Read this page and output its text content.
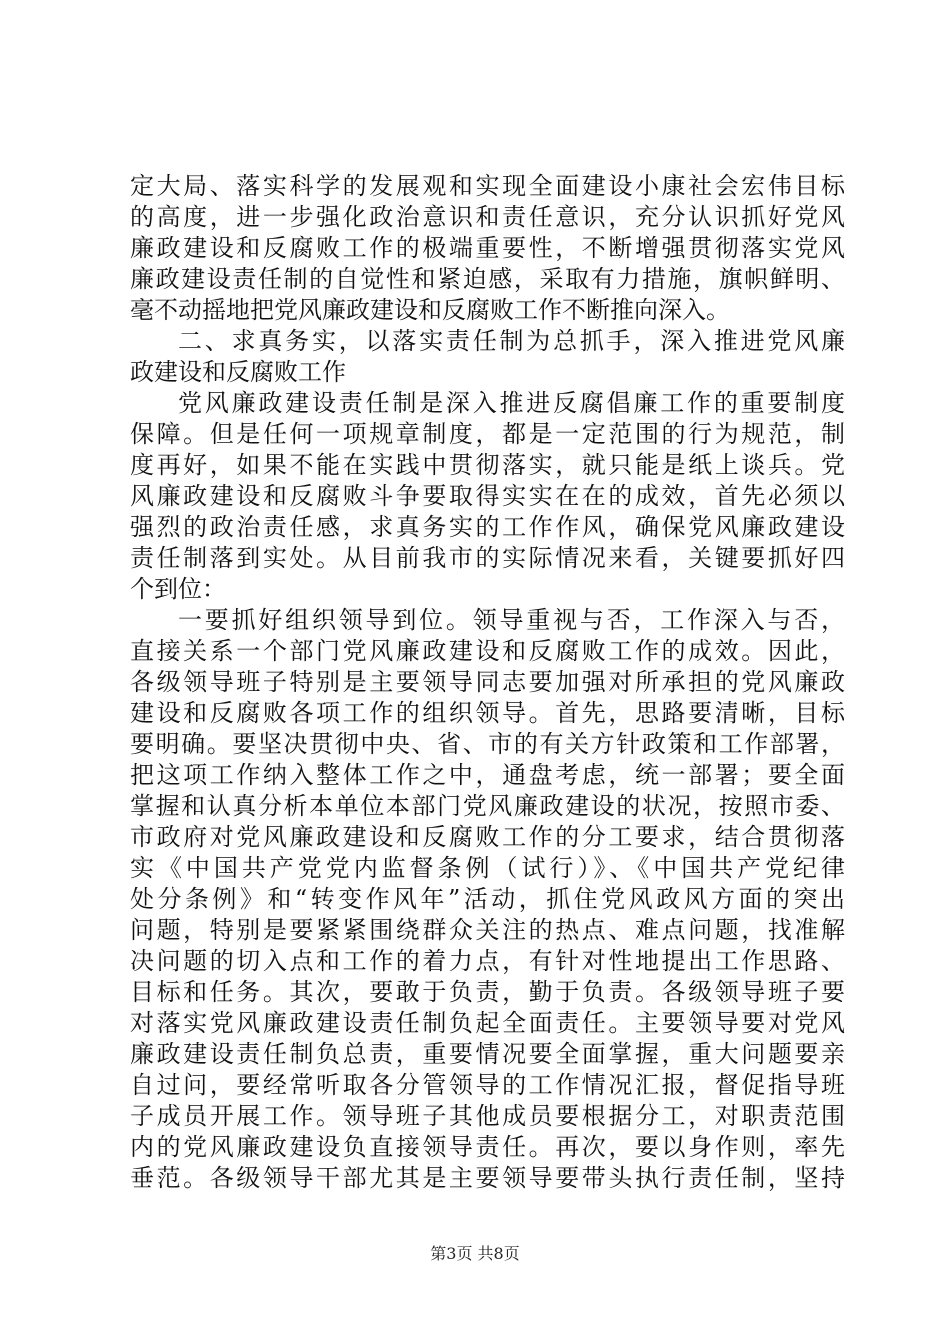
定大局、落实科学的发展观和实现全面建设小康社会宏伟目标
的高度，进一步强化政治意识和责任意识，充分认识抓好党风
廉政建设和反腐败工作的极端重要性，不断增强贯彻落实党风
廉政建设责任制的自觉性和紧迫感，采取有力措施，旗帜鲜明、
毫不动摇地把党风廉政建设和反腐败工作不断推向深入。
二、求真务实，以落实责任制为总抓手，深入推进党风廉
政建设和反腐败工作
党风廉政建设责任制是深入推进反腐倡廉工作的重要制度
保障。但是任何一项规章制度，都是一定范围的行为规范，制
度再好，如果不能在实践中贯彻落实，就只能是纸上谈兵。党
风廉政建设和反腐败斗争要取得实实在在的成效，首先必须以
强烈的政治责任感，求真务实的工作作风，确保党风廉政建设
责任制落到实处。从目前我市的实际情况来看，关键要抓好四
个到位：
一要抓好组织领导到位。领导重视与否，工作深入与否，
直接关系一个部门党风廉政建设和反腐败工作的成效。因此，
各级领导班子特别是主要领导同志要加强对所承担的党风廉政
建设和反腐败各项工作的组织领导。首先，思路要清晰，目标
要明确。要坚决贯彻中央、省、市的有关方针政策和工作部署，
把这项工作纳入整体工作之中，通盘考虑，统一部署；要全面
掌握和认真分析本单位本部门党风廉政建设的状况，按照市委、
市政府对党风廉政建设和反腐败工作的分工要求，结合贯彻落
实《中国共产党党内监督条例（试行）》、《中国共产党纪律
处分条例》和“转变作风年”活动，抓住党风政风方面的突出
问题，特别是要紧紧围绕群众关注的热点、难点问题，找准解
决问题的切入点和工作的着力点，有针对性地提出工作思路、
目标和任务。其次，要敢于负责，勤于负责。各级领导班子要
对落实党风廉政建设责任制负起全面责任。主要领导要对党风
廉政建设责任制负总责，重要情况要全面掌握，重大问题要亲
自过问，要经常听取各分管领导的工作情况汇报，督促指导班
子成员开展工作。领导班子其他成员要根据分工，对职责范围
内的党风廉政建设负直接领导责任。再次，要以身作则，率先
垂范。各级领导干部尤其是主要领导要带头执行责任制，坚持
第3页 共8页
